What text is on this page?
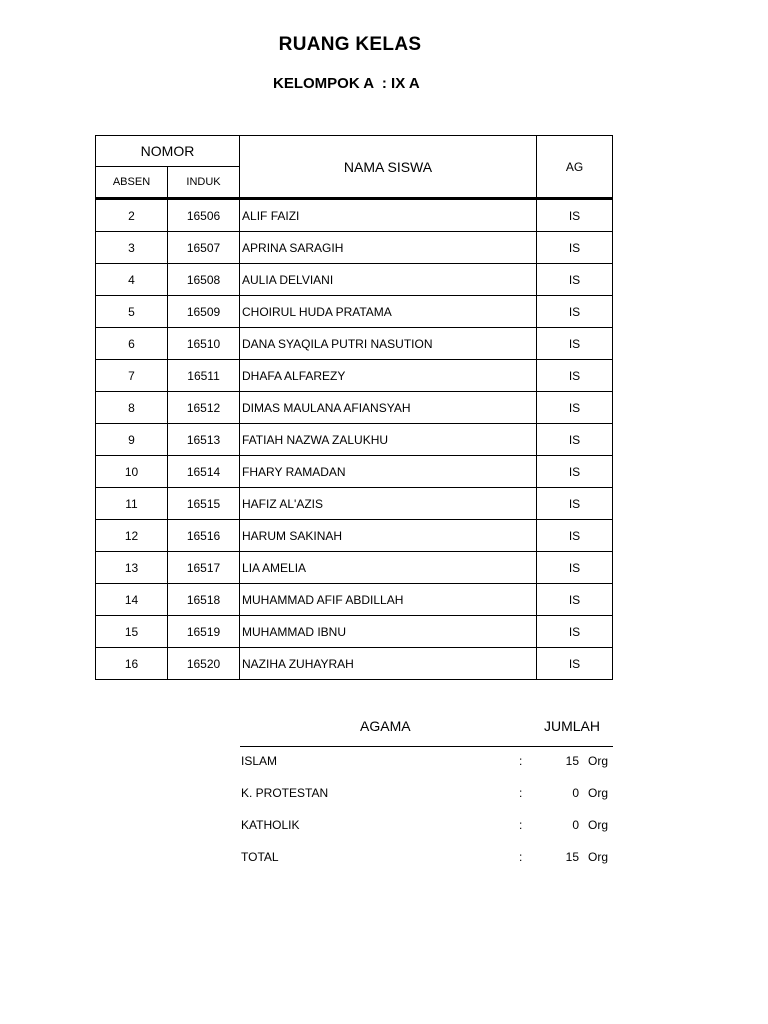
RUANG KELAS
KELOMPOK A  : IX A
NOMOR		NAMA SISWA	AG
ABSEN	INDUK		
2	16506	ALIF FAIZI	IS
3	16507	APRINA SARAGIH	IS
4	16508	AULIA DELVIANI	IS
5	16509	CHOIRUL HUDA PRATAMA	IS
6	16510	DANA SYAQILA PUTRI NASUTION	IS
7	16511	DHAFA ALFAREZY	IS
8	16512	DIMAS MAULANA AFIANSYAH	IS
9	16513	FATIAH NAZWA ZALUKHU	IS
10	16514	FHARY RAMADAN	IS
11	16515	HAFIZ AL'AZIS	IS
12	16516	HARUM SAKINAH	IS
13	16517	LIA AMELIA	IS
14	16518	MUHAMMAD AFIF ABDILLAH	IS
15	16519	MUHAMMAD IBNU	IS
16	16520	NAZIHA ZUHAYRAH	IS
AGAMA	JUMLAH
ISLAM	:	15 Org
K. PROTESTAN	:	0 Org
KATHOLIK	:	0 Org
TOTAL	:	15 Org
